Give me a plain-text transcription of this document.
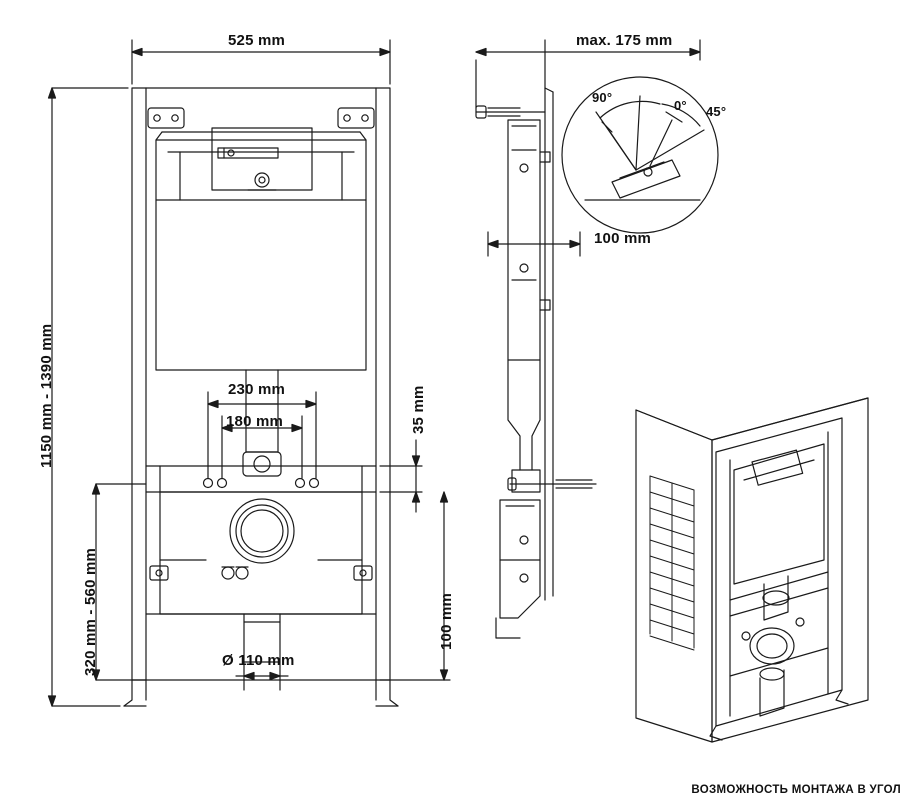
525 mm
1150 mm - 1390 mm
320 mm - 560 mm
230 mm
180 mm	35 mm
100 mm
Ø 110 mm
max. 175 mm
100 mm
90°
0° 45°
ВОЗМОЖНОСТЬ МОНТАЖА В УГОЛ
